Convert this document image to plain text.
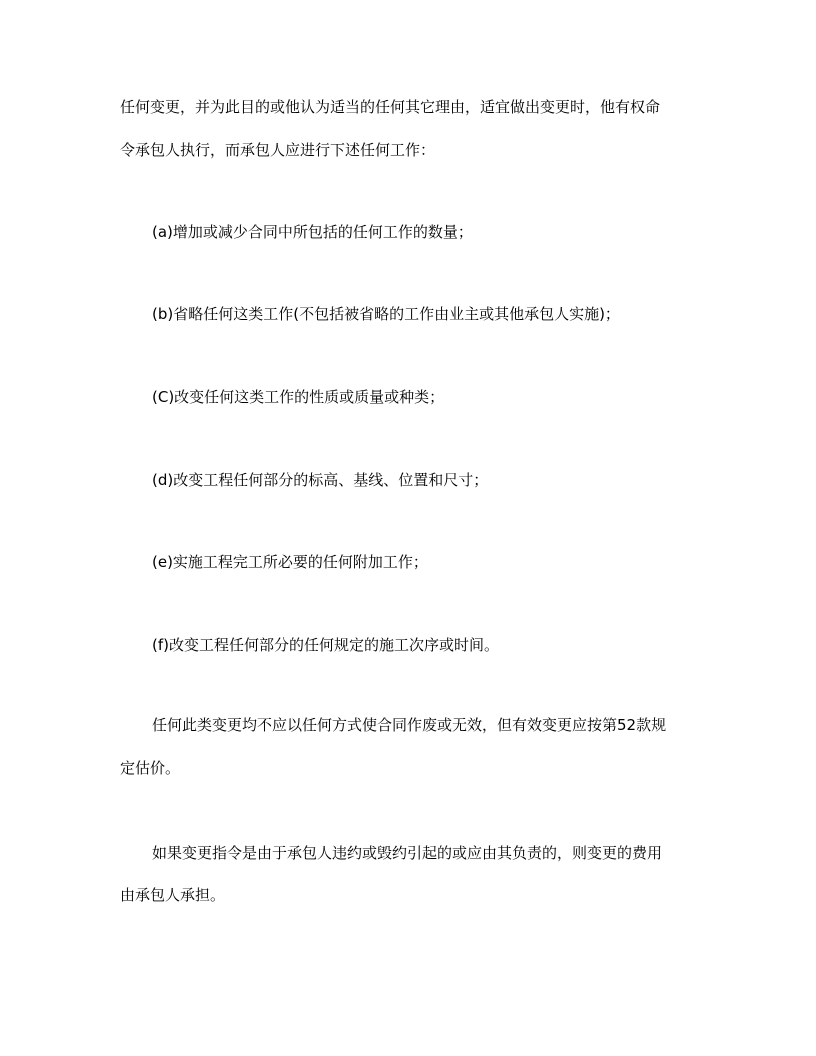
任何变更，并为此目的或他认为适当的任何其它理由，适宜做出变更时，他有权命
令承包人执行，而承包人应进行下述任何工作：
(a)增加或减少合同中所包括的任何工作的数量；
(b)省略任何这类工作(不包括被省略的工作由业主或其他承包人实施)；
(C)改变任何这类工作的性质或质量或种类；
(d)改变工程任何部分的标高、基线、位置和尺寸；
(e)实施工程完工所必要的任何附加工作；
(f)改变工程任何部分的任何规定的施工次序或时间。
任何此类变更均不应以任何方式使合同作废或无效，但有效变更应按第52款规
定估价。
如果变更指令是由于承包人违约或毁约引起的或应由其负责的，则变更的费用
由承包人承担。
